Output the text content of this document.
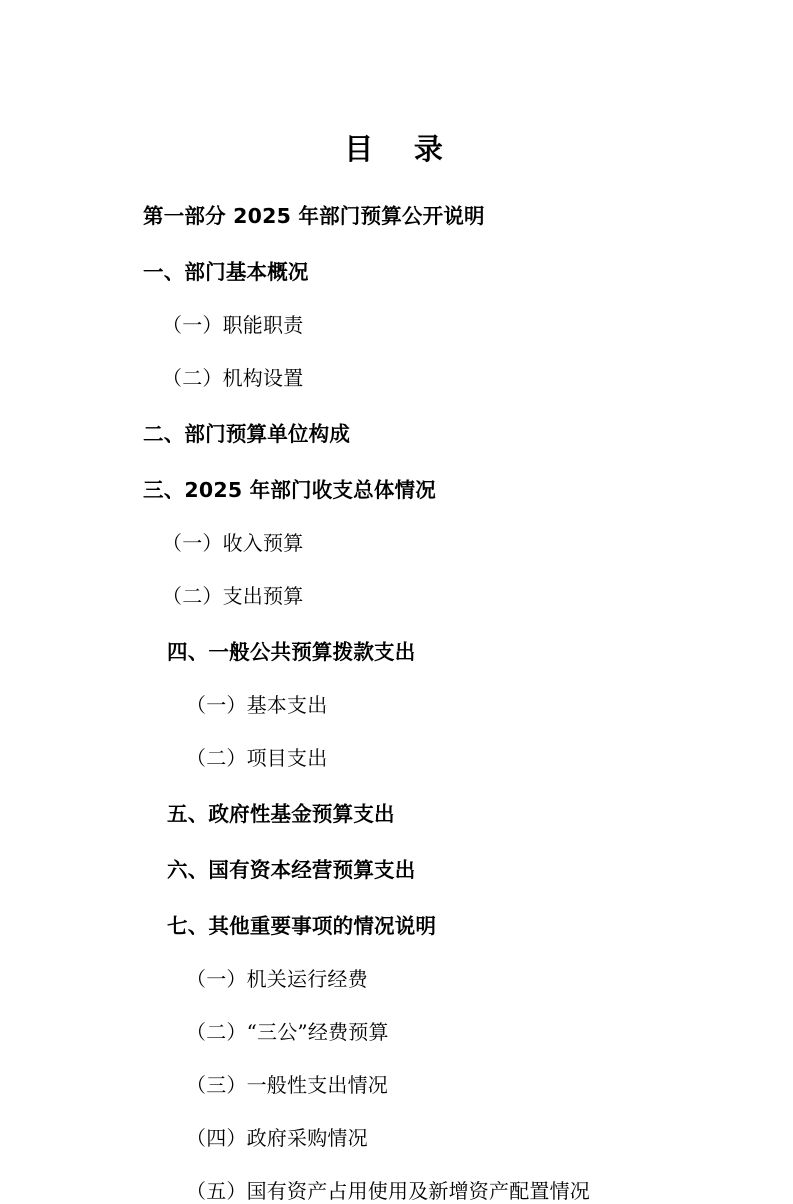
目　录
第一部分 2025 年部门预算公开说明
一、部门基本概况
（一）职能职责
（二）机构设置
二、部门预算单位构成
三、2025 年部门收支总体情况
（一）收入预算
（二）支出预算
四、一般公共预算拨款支出
（一）基本支出
（二）项目支出
五、政府性基金预算支出
六、国有资本经营预算支出
七、其他重要事项的情况说明
（一）机关运行经费
（二）“三公”经费预算
（三）一般性支出情况
（四）政府采购情况
（五）国有资产占用使用及新增资产配置情况
